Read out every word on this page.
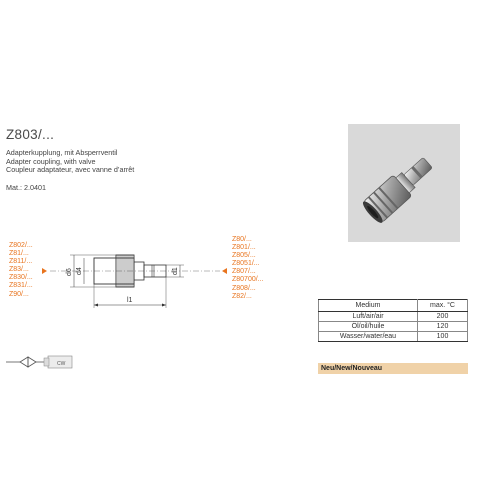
Z803/...
Adapterkupplung, mit Absperrventil
Adapter coupling, with valve
Coupleur adaptateur, avec vanne d’arrêt
Mat.: 2.0401
Z802/...
Z81/...
Z811/...
Z83/...
Z830/...
Z831/...
Z90/...
d6 d4	d1
l1
Z80/...
Z801/...
Z805/...
Z8051/...
Z807/...
Z80700/...
Z808/...
Z82/...
Medium	max. °C
Luft/air/air	200
Öl/oil/huile	120
Wasser/water/eau	100
Neu/New/Nouveau
CW
